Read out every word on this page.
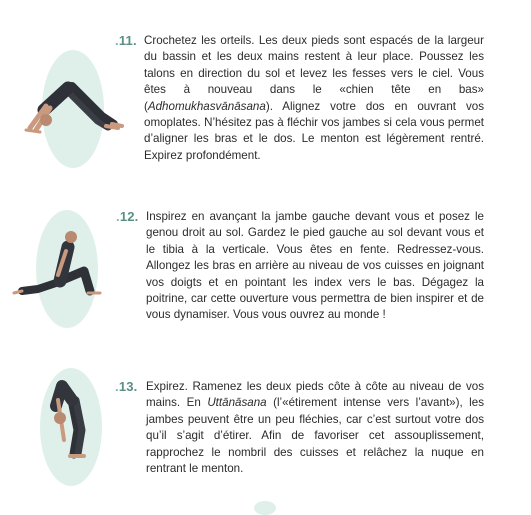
.11. Crochetez les orteils. Les deux pieds sont espacés de la largeur du bassin et les deux mains restent à leur place. Poussez les talons en direction du sol et levez les fesses vers le ciel. Vous êtes à nouveau dans le «chien tête en bas» (Adhomukhasvānāsana). Alignez votre dos en ouvrant vos omoplates. N’hésitez pas à fléchir vos jambes si cela vous permet d’aligner les bras et le dos. Le menton est légèrement rentré. Expirez profondément.

.12. Inspirez en avançant la jambe gauche devant vous et posez le genou droit au sol. Gardez le pied gauche au sol devant vous et le tibia à la verticale. Vous êtes en fente. Redressez-vous. Allongez les bras en arrière au niveau de vos cuisses en joignant vos doigts et en pointant les index vers le bas. Dégagez la poitrine, car cette ouverture vous permettra de bien inspirer et de vous dynamiser. Vous vous ouvrez au monde !

.13. Expirez. Ramenez les deux pieds côte à côte au niveau de vos mains. En Uttānāsana (l’«étirement intense vers l’avant»), les jambes peuvent être un peu fléchies, car c’est surtout votre dos qu’il s’agit d’étirer. Afin de favoriser cet assouplissement, rapprochez le nombril des cuisses et relâchez la nuque en rentrant le menton.
